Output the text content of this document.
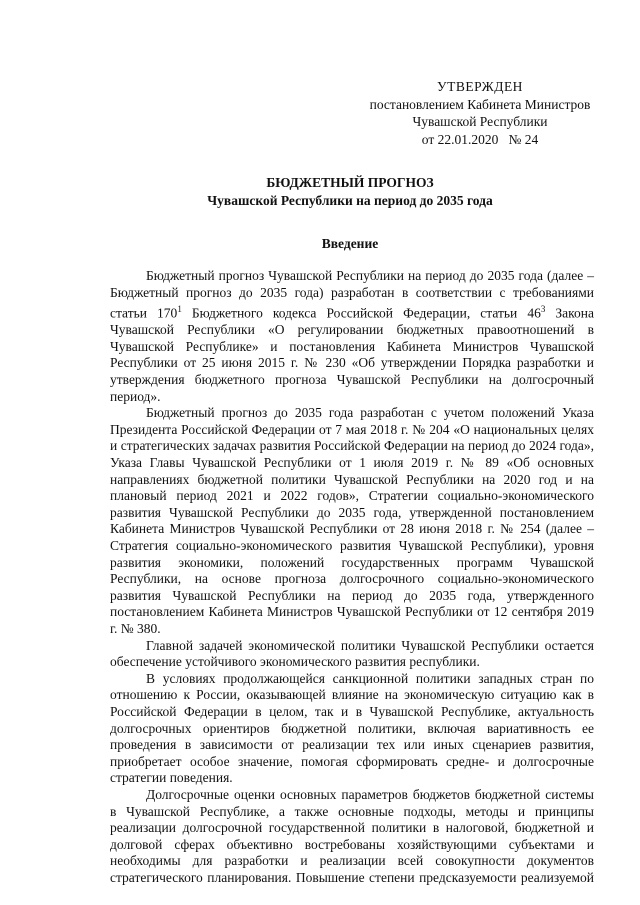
УТВЕРЖДЕН
постановлением Кабинета Министров
Чувашской Республики
от 22.01.2020   № 24
БЮДЖЕТНЫЙ ПРОГНОЗ
Чувашской Республики на период до 2035 года
Введение

Бюджетный прогноз Чувашской Республики на период до 2035 года (далее – Бюджетный прогноз до 2035 года) разработан в соответствии с требованиями статьи $170^1$ Бюджетного кодекса Российской Федерации, статьи $46^3$ Закона Чувашской Республики «О регулировании бюджетных правоотношений в Чувашской Республике» и постановления Кабинета Министров Чувашской Республики от 25 июня 2015 г. № 230 «Об утверждении Порядка разработки и утверждения бюджетного прогноза Чувашской Республики на долгосрочный период».

Бюджетный прогноз до 2035 года разработан с учетом положений Указа Президента Российской Федерации от 7 мая 2018 г. № 204 «О национальных целях и стратегических задачах развития Российской Федерации на период до 2024 года», Указа Главы Чувашской Республики от 1 июля 2019 г. № 89 «Об основных направлениях бюджетной политики Чувашской Республики на 2020 год и на плановый период 2021 и 2022 годов», Стратегии социально-экономического развития Чувашской Республики до 2035 года, утвержденной постановлением Кабинета Министров Чувашской Республики от 28 июня 2018 г. № 254 (далее – Стратегия социально-экономического развития Чувашской Республики), уровня развития экономики, положений государственных программ Чувашской Республики, на основе прогноза долгосрочного социально-экономического развития Чувашской Республики на период до 2035 года, утвержденного постановлением Кабинета Министров Чувашской Республики от 12 сентября 2019 г. № 380.

Главной задачей экономической политики Чувашской Республики остается обеспечение устойчивого экономического развития республики.

В условиях продолжающейся санкционной политики западных стран по отношению к России, оказывающей влияние на экономическую ситуацию как в Российской Федерации в целом, так и в Чувашской Республике, актуальность долгосрочных ориентиров бюджетной политики, включая вариативность ее проведения в зависимости от реализации тех или иных сценариев развития, приобретает особое значение, помогая сформировать средне- и долгосрочные стратегии поведения.

Долгосрочные оценки основных параметров бюджетов бюджетной системы в Чувашской Республике, а также основные подходы, методы и принципы реализации долгосрочной государственной политики в налоговой, бюджетной и долговой сферах объективно востребованы хозяйствующими субъектами и необходимы для разработки и реализации всей совокупности документов стратегического планирования. Повышение степени предсказуемости реализуемой
